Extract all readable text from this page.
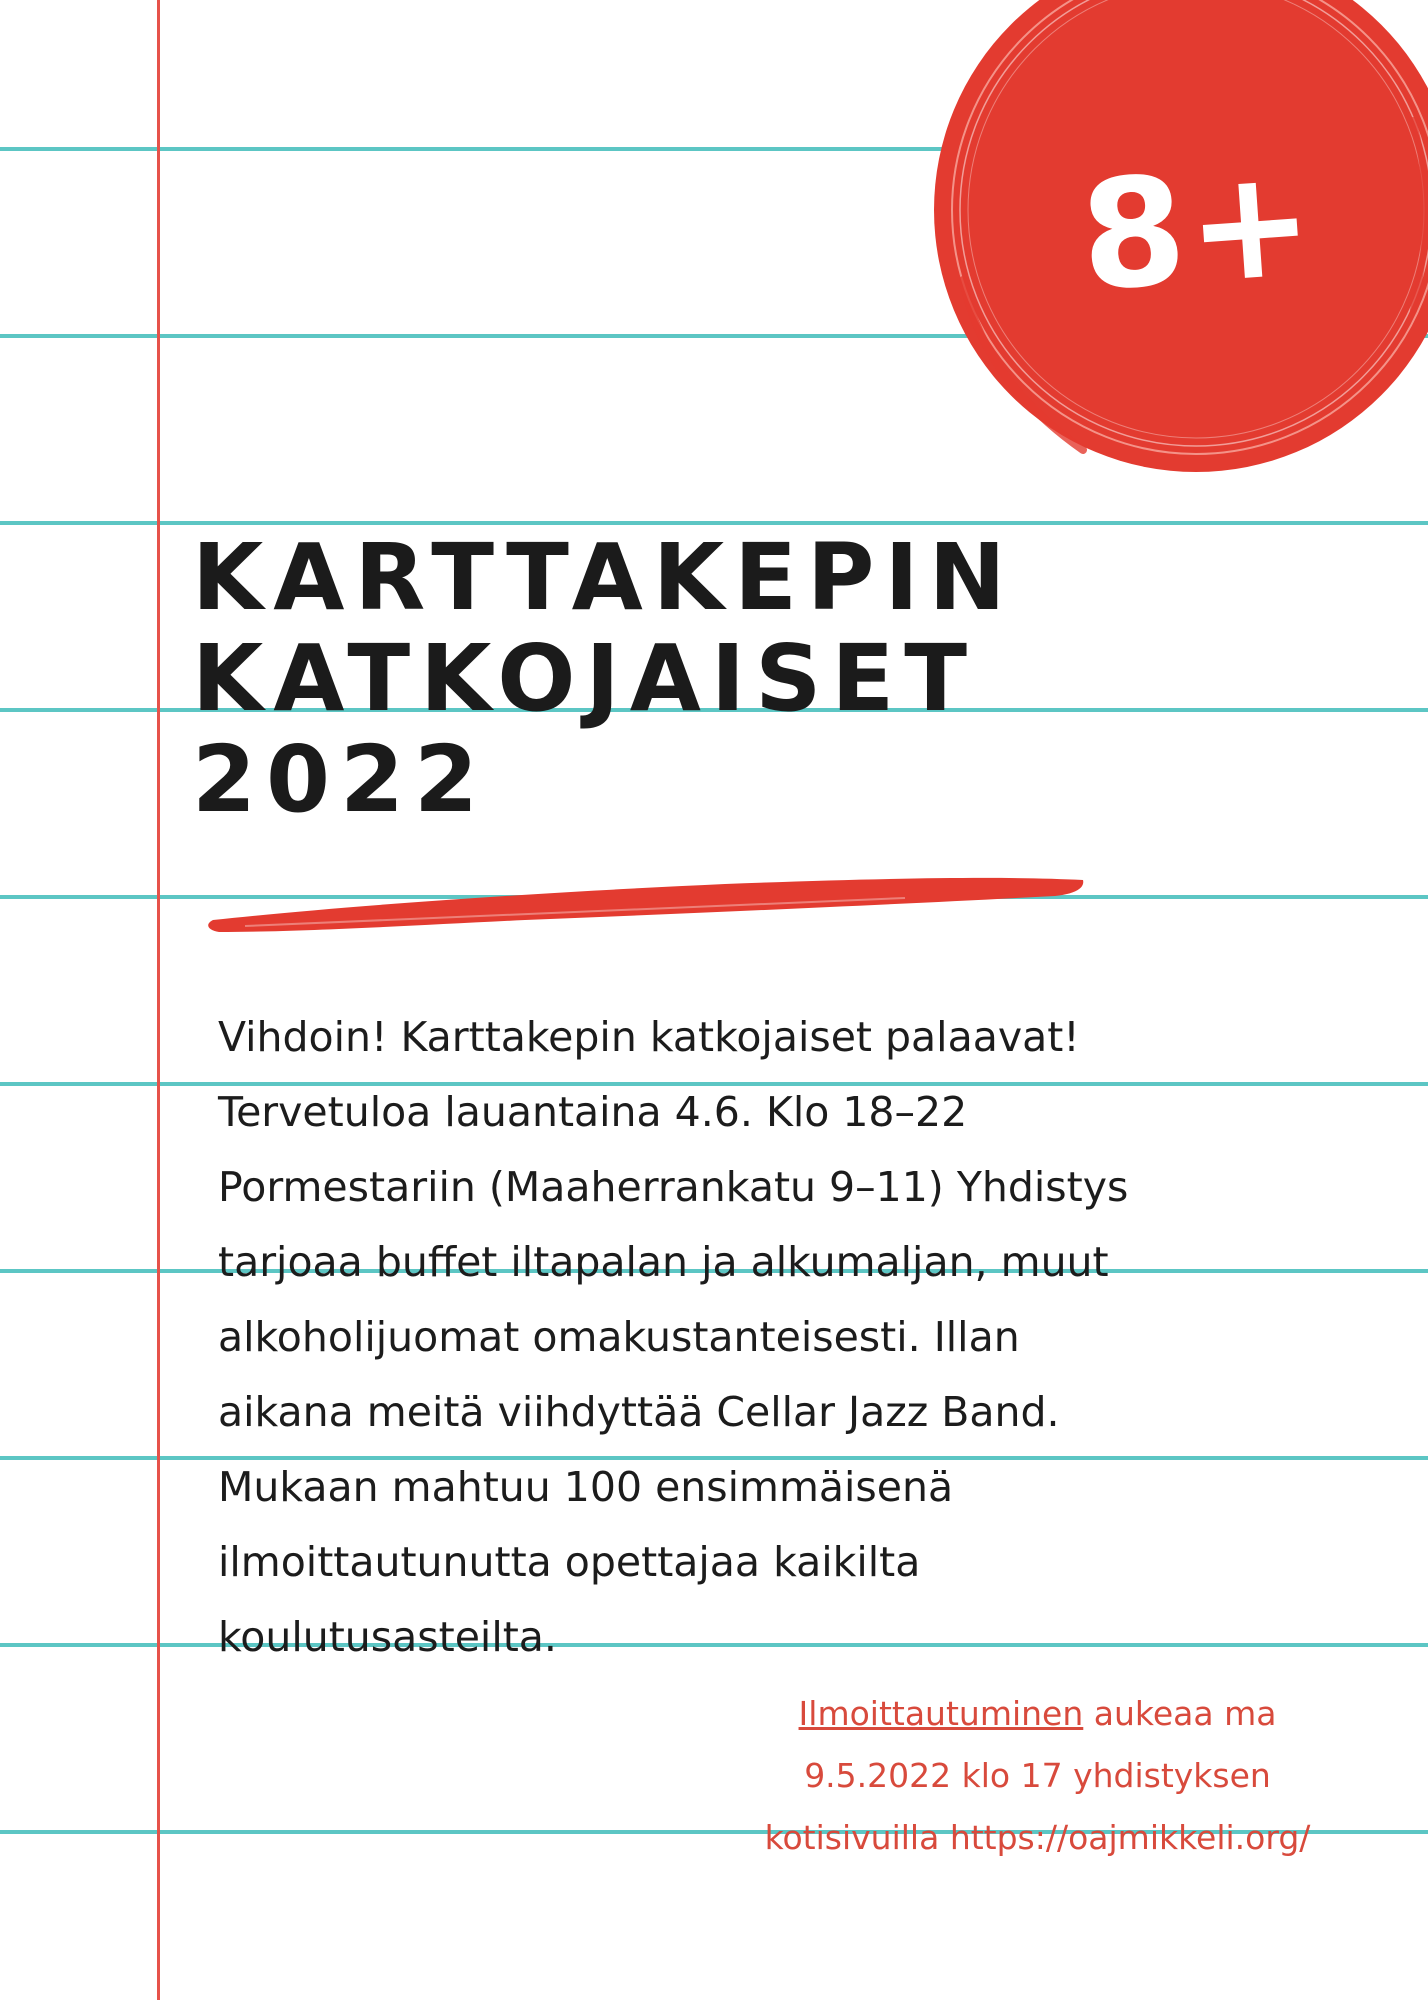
8+
KARTTAKEPIN
KATKOJAISET
2022
Vihdoin! Karttakepin katkojaiset palaavat!
Tervetuloa lauantaina 4.6. Klo 18–22
Pormestariin (Maaherrankatu 9–11) Yhdistys
tarjoaa buffet iltapalan ja alkumaljan, muut
alkoholijuomat omakustanteisesti. Illan
aikana meitä viihdyttää Cellar Jazz Band.
Mukaan mahtuu 100 ensimmäisenä
ilmoittautunutta opettajaa kaikilta
koulutusasteilta.
Ilmoittautuminen aukeaa ma
9.5.2022 klo 17 yhdistyksen
kotisivuilla https://oajmikkeli.org/
